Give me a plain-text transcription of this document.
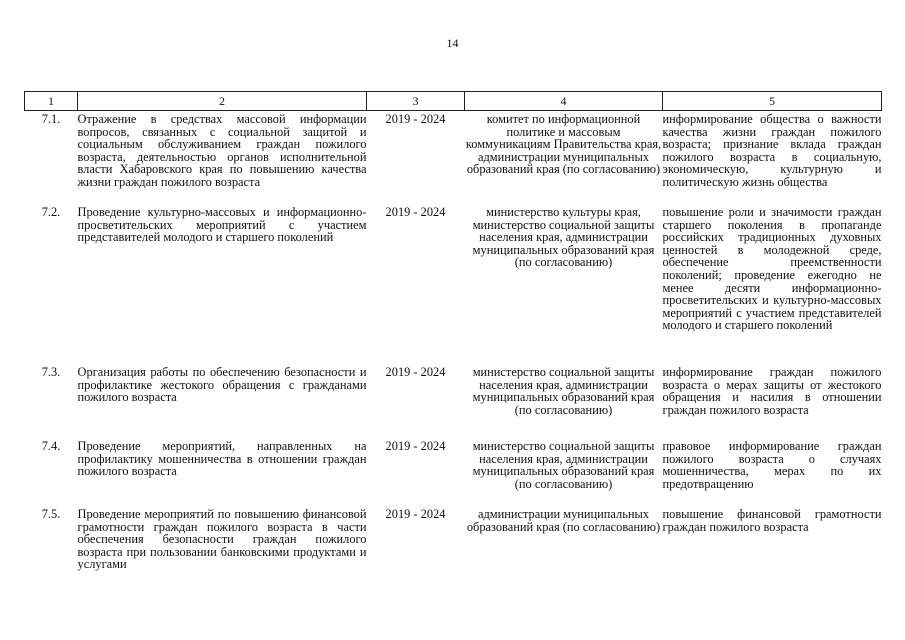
14
1	2	3	4	5
7.1.	Отражение в средствах массовой информации вопросов, связанных с социальной защитой и социальным обслуживанием граждан пожилого возраста, деятельностью органов исполнительной власти Хабаровского края по повышению качества жизни граждан пожилого возраста	2019 - 2024	комитет по информационной политике и массовым коммуникациям Правительства края, администрации муниципальных образований края (по согласованию)	информирование общества о важности качества жизни граждан пожилого возраста; признание вклада граждан пожилого возраста в социальную, экономическую, культурную и политическую жизнь общества
7.2.	Проведение культурно-массовых и информационно-просветительских мероприятий с участием представителей молодого и старшего поколений	2019 - 2024	министерство культуры края, министерство социальной защиты населения края, администрации муниципальных образований края (по согласованию)	повышение роли и значимости граждан старшего поколения в пропаганде российских традиционных духовных ценностей в молодежной среде, обеспечение преемственности поколений; проведение ежегодно не менее десяти информационно-просветительских и культурно-массовых мероприятий с участием представителей молодого и старшего поколений
7.3.	Организация работы по обеспечению безопасности и профилактике жестокого обращения с гражданами пожилого возраста	2019 - 2024	министерство социальной защиты населения края, администрации муниципальных образований края (по согласованию)	информирование граждан пожилого возраста о мерах защиты от жестокого обращения и насилия в отношении граждан пожилого возраста
7.4.	Проведение мероприятий, направленных на профилактику мошенничества в отношении граждан пожилого возраста	2019 - 2024	министерство социальной защиты населения края, администрации муниципальных образований края (по согласованию)	правовое информирование граждан пожилого возраста о случаях мошенничества, мерах по их предотвращению
7.5.	Проведение мероприятий по повышению финансовой грамотности граждан пожилого возраста в части обеспечения безопасности граждан пожилого возраста при пользовании банковскими продуктами и услугами	2019 - 2024	администрации муниципальных образований края (по согласованию)	повышение финансовой грамотности граждан пожилого возраста
